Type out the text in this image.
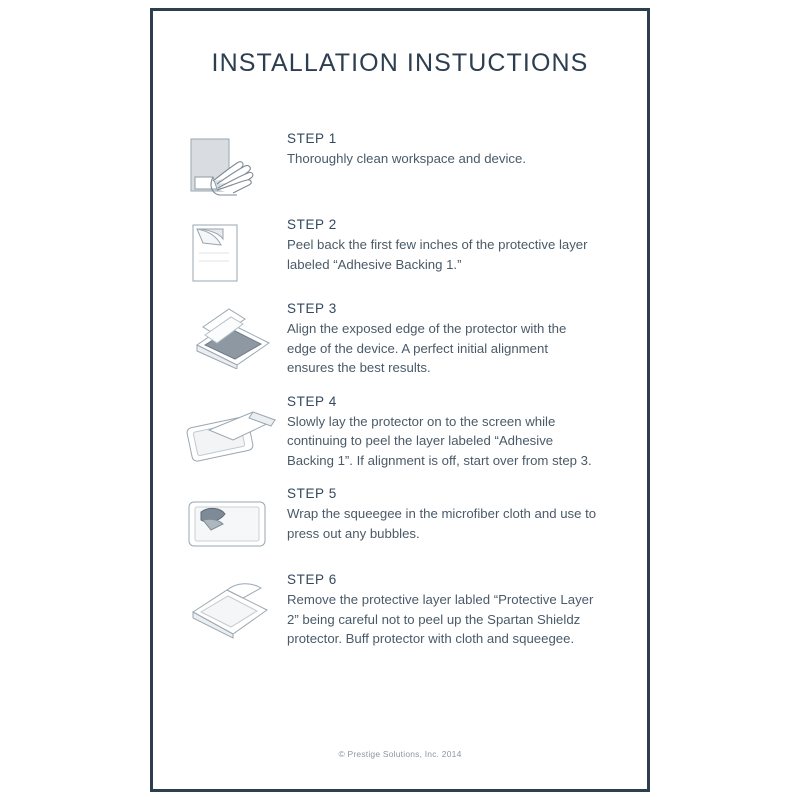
INSTALLATION INSTUCTIONS
STEP 1
Thoroughly clean workspace and device.
STEP 2
Peel back the first few inches of the protective layer labeled “Adhesive Backing 1.”
STEP 3
Align the exposed edge of the protector with the edge of the device. A perfect initial alignment ensures the best results.
STEP 4
Slowly lay the protector on to the screen while continuing to peel the layer labeled “Adhesive Backing 1”. If alignment is off, start over from step 3.
STEP 5
Wrap the squeegee in the microfiber cloth and use to press out any bubbles.
STEP 6
Remove the protective layer labled “Protective Layer 2” being careful not to peel up the Spartan Shieldz protector. Buff protector with cloth and squeegee.
© Prestige Solutions, Inc. 2014
